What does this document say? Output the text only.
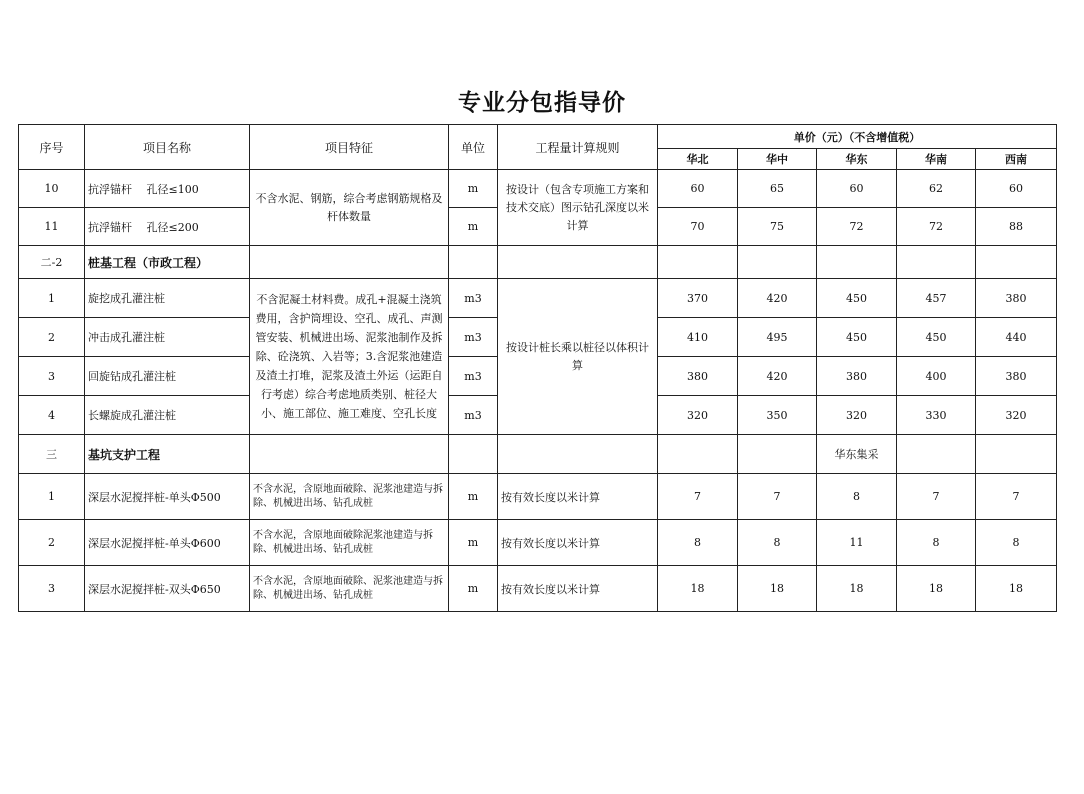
专业分包指导价
序号	项目名称	项目特征	单位	工程量计算规则	单价（元）（不含增值税）				
					华北	华中	华东	华南	西南
10	抗浮锚杆　 孔径≤100	不含水泥、钢筋，综合考虑钢筋规格及杆体数量	m	按设计（包含专项施工方案和技术交底）图示钻孔深度以米计算	60	65	60	62	60
11	抗浮锚杆　 孔径≤200		m		70	75	72	72	88
二-2	桩基工程（市政工程）								
1	旋挖成孔灌注桩	不含泥凝土材料费。成孔+混凝土浇筑费用，含护筒埋设、空孔、成孔、声测管安装、机械进出场、泥浆池制作及拆除、砼浇筑、入岩等；3.含泥浆池建造及渣土打堆，泥浆及渣土外运（运距自行考虑）综合考虑地质类别、桩径大小、施工部位、施工难度、空孔长度	m3	按设计桩长乘以桩径以体积计算	370	420	450	457	380
2	冲击成孔灌注桩		m3		410	495	450	450	440
3	回旋钻成孔灌注桩		m3		380	420	380	400	380
4	长螺旋成孔灌注桩		m3		320	350	320	330	320
三	基坑支护工程						华东集采		
1	深层水泥搅拌桩-单头Φ500	不含水泥，含原地面破除、泥浆池建造与拆除、机械进出场、钻孔成桩	m	按有效长度以米计算	7	7	8	7	7
2	深层水泥搅拌桩-单头Φ600	不含水泥，含原地面破除泥浆池建造与拆除、机械进出场、钻孔成桩	m	按有效长度以米计算	8	8	11	8	8
3	深层水泥搅拌桩-双头Φ650	不含水泥，含原地面破除、泥浆池建造与拆除、机械进出场、钻孔成桩	m	按有效长度以米计算	18	18	18	18	18
